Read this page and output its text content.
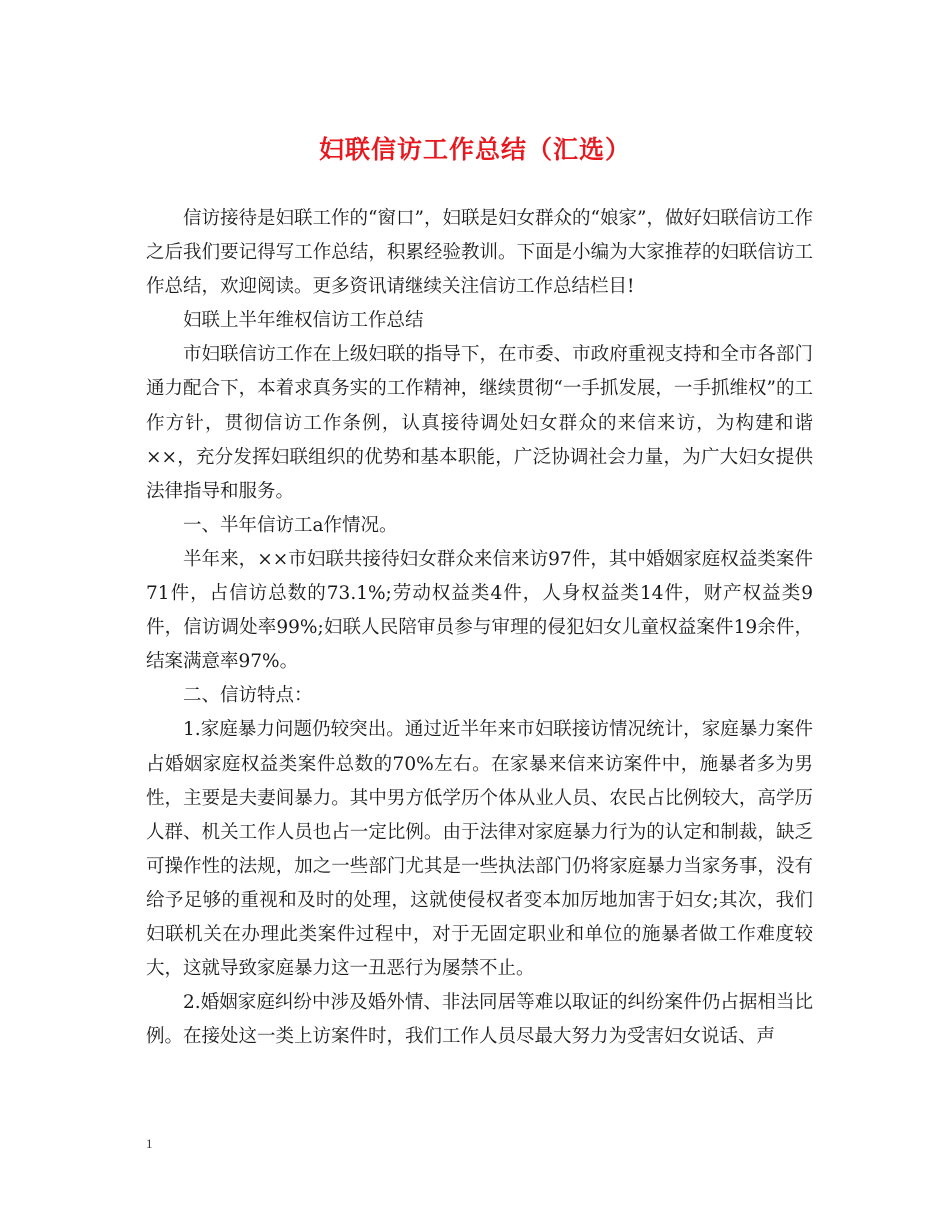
妇联信访工作总结（汇选）

信访接待是妇联工作的“窗口”，妇联是妇女群众的“娘家”，做好妇联信访工作之后我们要记得写工作总结，积累经验教训。下面是小编为大家推荐的妇联信访工作总结，欢迎阅读。更多资讯请继续关注信访工作总结栏目!

妇联上半年维权信访工作总结

市妇联信访工作在上级妇联的指导下，在市委、市政府重视支持和全市各部门通力配合下，本着求真务实的工作精神，继续贯彻“一手抓发展，一手抓维权”的工作方针，贯彻信访工作条例，认真接待调处妇女群众的来信来访，为构建和谐××，充分发挥妇联组织的优势和基本职能，广泛协调社会力量，为广大妇女提供法律指导和服务。

一、半年信访工a作情况。

半年来，××市妇联共接待妇女群众来信来访97件，其中婚姻家庭权益类案件71件，占信访总数的73.1%;劳动权益类4件，人身权益类14件，财产权益类9件，信访调处率99%;妇联人民陪审员参与审理的侵犯妇女儿童权益案件19余件，结案满意率97%。

二、信访特点：

1.家庭暴力问题仍较突出。通过近半年来市妇联接访情况统计，家庭暴力案件占婚姻家庭权益类案件总数的70%左右。在家暴来信来访案件中，施暴者多为男性，主要是夫妻间暴力。其中男方低学历个体从业人员、农民占比例较大，高学历人群、机关工作人员也占一定比例。由于法律对家庭暴力行为的认定和制裁，缺乏可操作性的法规，加之一些部门尤其是一些执法部门仍将家庭暴力当家务事，没有给予足够的重视和及时的处理，这就使侵权者变本加厉地加害于妇女;其次，我们妇联机关在办理此类案件过程中，对于无固定职业和单位的施暴者做工作难度较大，这就导致家庭暴力这一丑恶行为屡禁不止。

2.婚姻家庭纠纷中涉及婚外情、非法同居等难以取证的纠纷案件仍占据相当比例。在接处这一类上访案件时，我们工作人员尽最大努力为受害妇女说话、声

1
